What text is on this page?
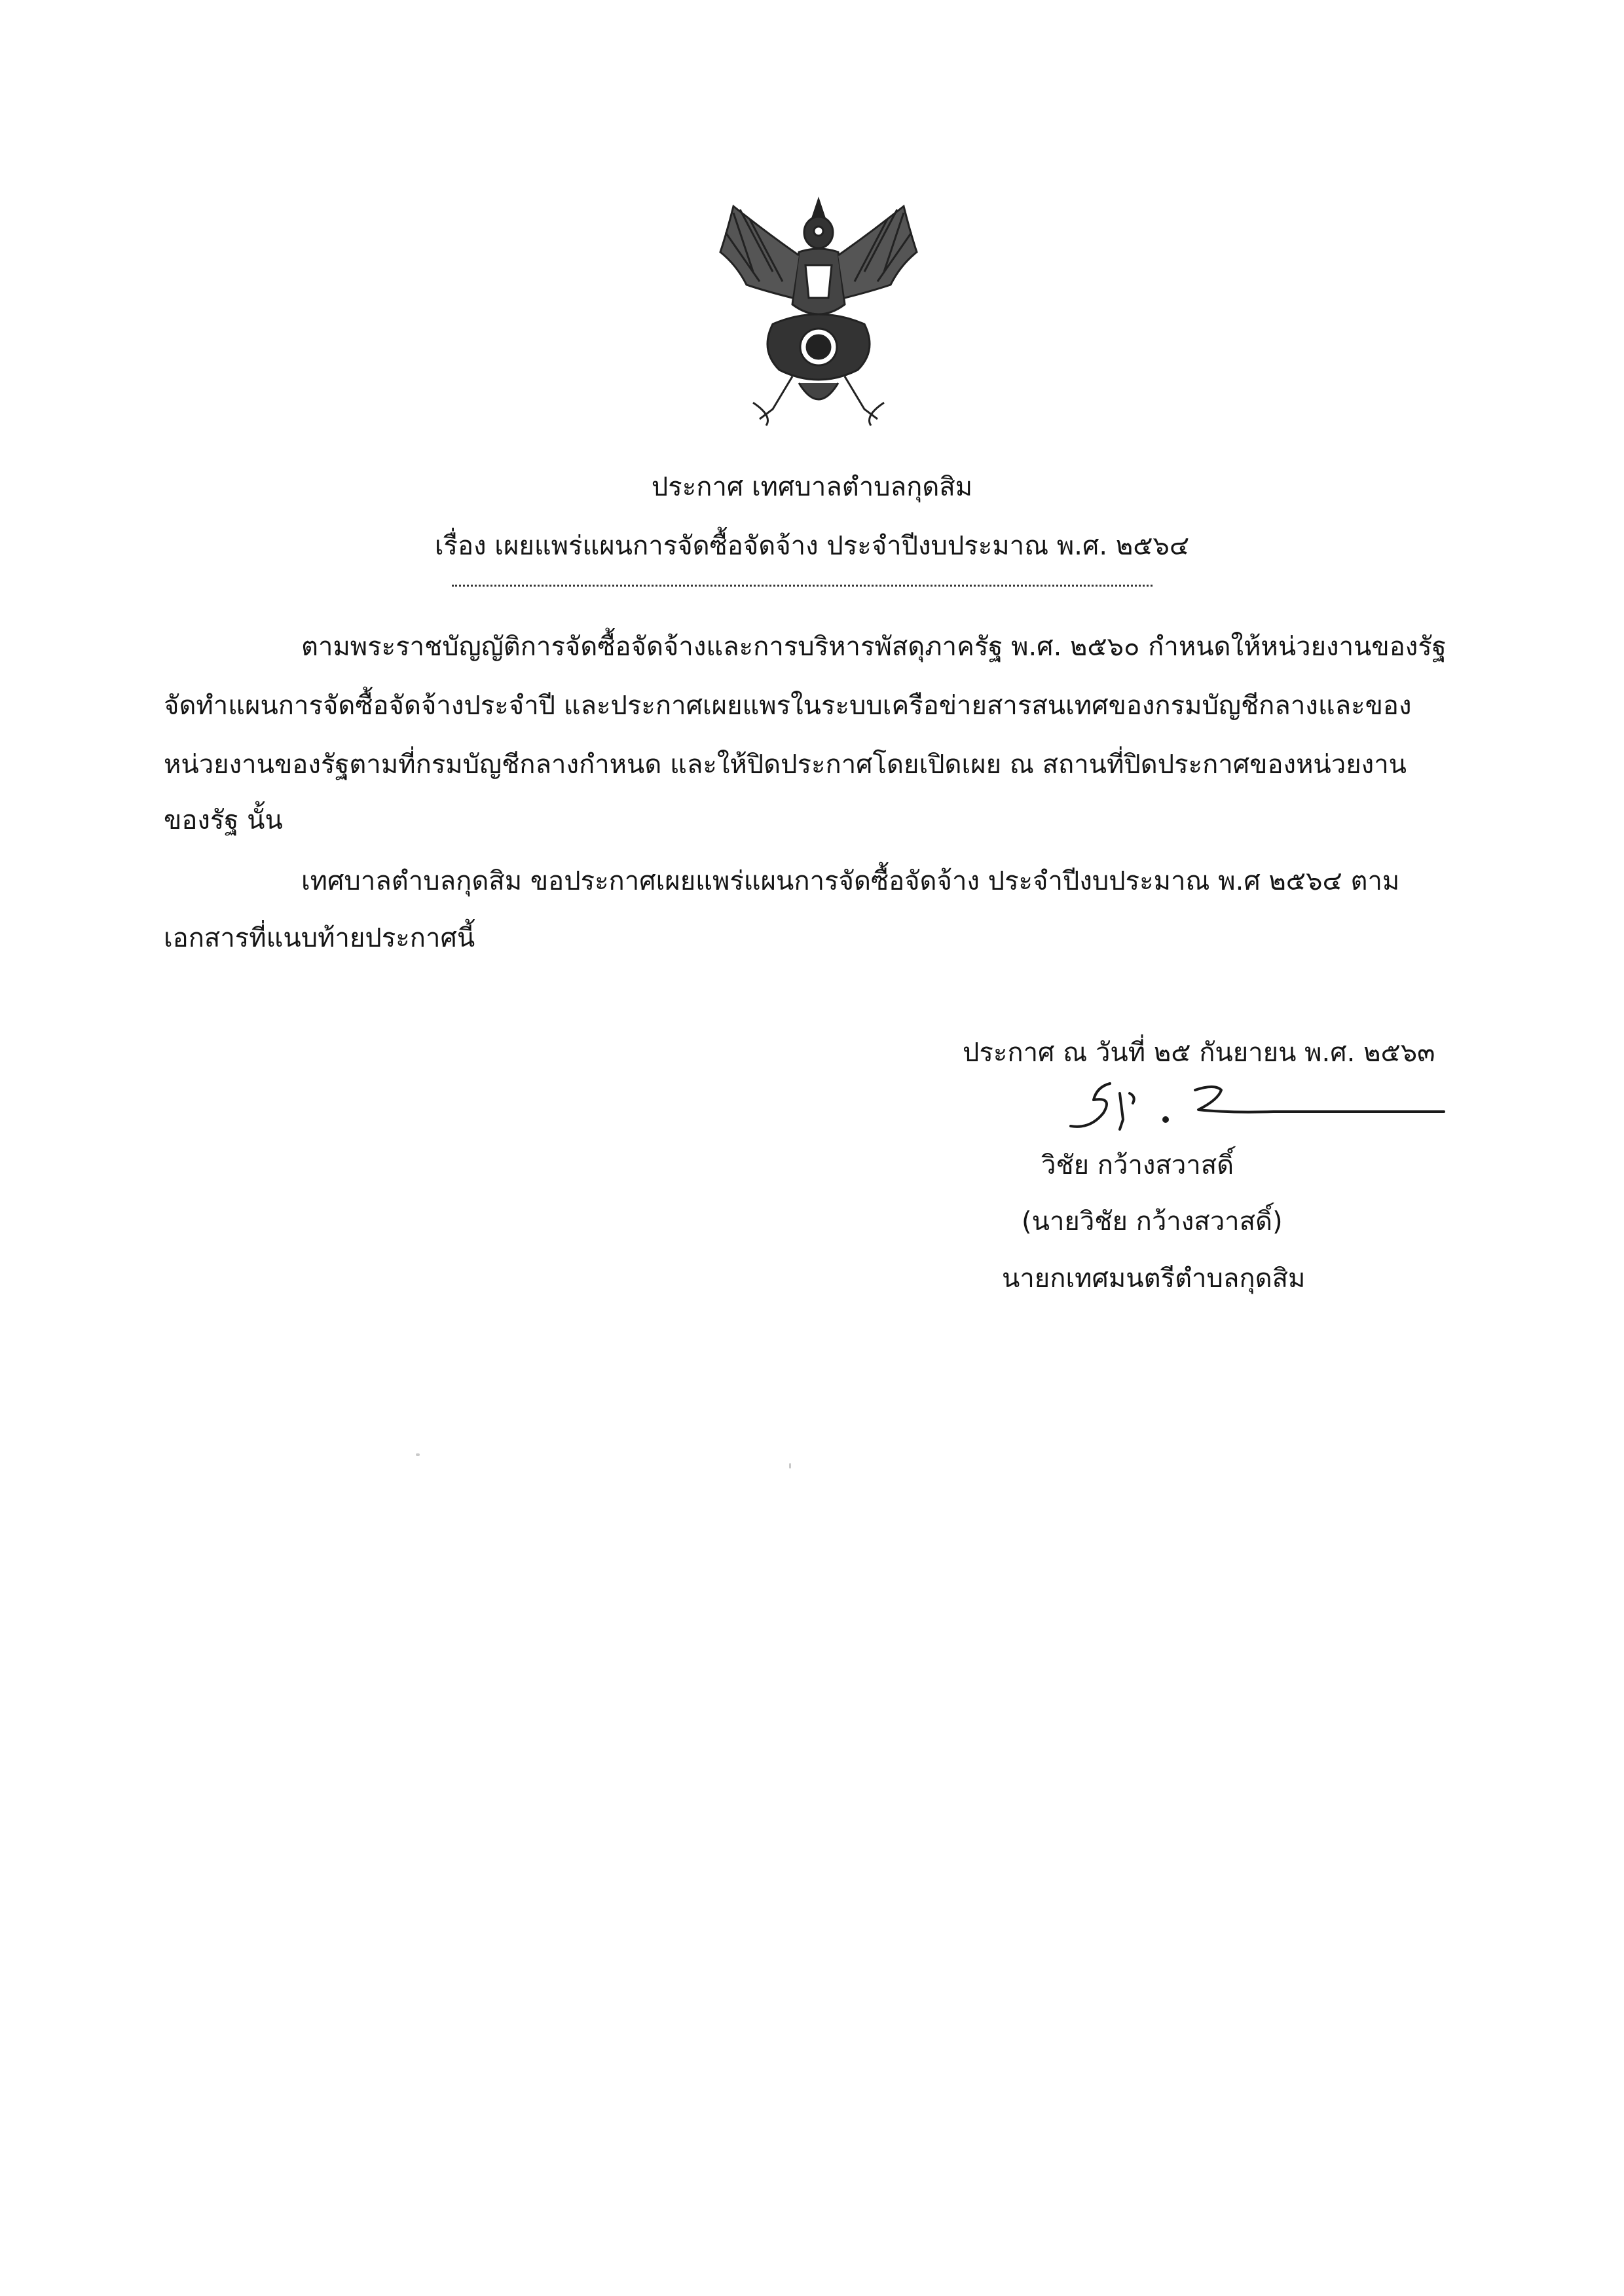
ประกาศ เทศบาลตำบลกุดสิม
เรื่อง เผยแพร่แผนการจัดซื้อจัดจ้าง ประจำปีงบประมาณ พ.ศ. ๒๕๖๔
ตามพระราชบัญญัติการจัดซื้อจัดจ้างและการบริหารพัสดุภาครัฐ พ.ศ. ๒๕๖๐ กำหนดให้หน่วยงานของรัฐ
จัดทำแผนการจัดซื้อจัดจ้างประจำปี และประกาศเผยแพรในระบบเครือข่ายสารสนเทศของกรมบัญชีกลางและของ
หน่วยงานของรัฐตามที่กรมบัญชีกลางกำหนด และให้ปิดประกาศโดยเปิดเผย ณ สถานที่ปิดประกาศของหน่วยงาน
ของรัฐ นั้น
เทศบาลตำบลกุดสิม ขอประกาศเผยแพร่แผนการจัดซื้อจัดจ้าง ประจำปีงบประมาณ พ.ศ ๒๕๖๔ ตาม
เอกสารที่แนบท้ายประกาศนี้
ประกาศ ณ วันที่ ๒๕ กันยายน พ.ศ. ๒๕๖๓
วิชัย กว้างสวาสดิ์
(นายวิชัย กว้างสวาสดิ์)
นายกเทศมนตรีตำบลกุดสิม
